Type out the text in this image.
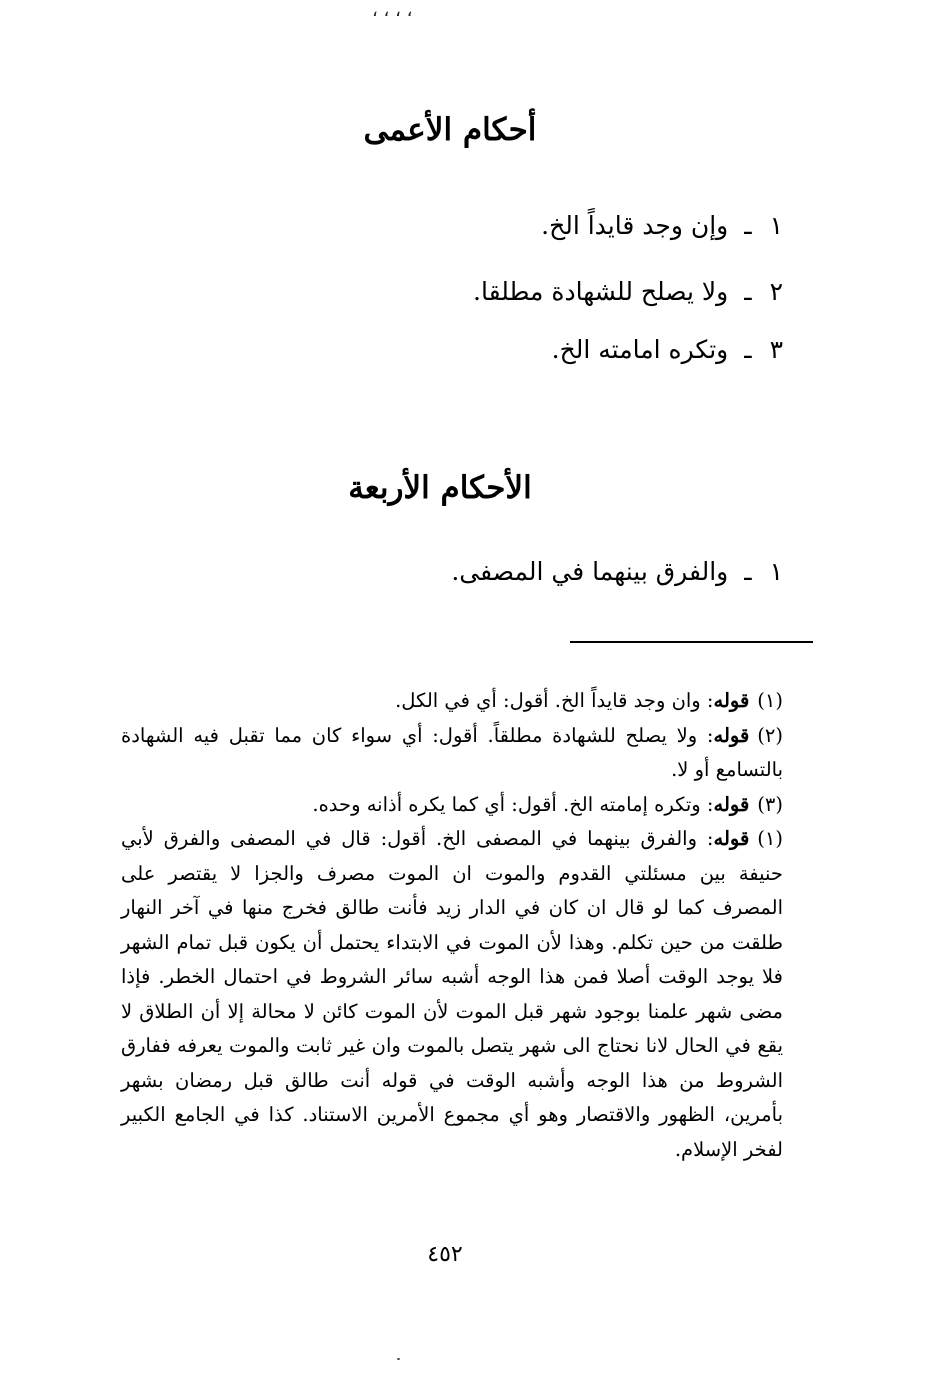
، ، ، ،
أحكام الأعمى
١ـوإن وجد قايداً الخ.
٢ـولا يصلح للشهادة مطلقا.
٣ـوتكره امامته الخ.
الأحكام الأربعة
١ـوالفرق بينهما في المصفى.

(١)قوله: وان وجد قايداً الخ. أقول: أي في الكل.

(٢)قوله: ولا يصلح للشهادة مطلقاً. أقول: أي سواء كان مما تقبل فيه الشهادة بالتسامع أو لا.

(٣)قوله: وتكره إمامته الخ. أقول: أي كما يكره أذانه وحده.

(١)قوله: والفرق بينهما في المصفى الخ. أقول: قال في المصفى والفرق لأبي حنيفة بين مسئلتي القدوم والموت ان الموت مصرف والجزا لا يقتصر على المصرف كما لو قال ان كان في الدار زيد فأنت طالق فخرج منها في آخر النهار طلقت من حين تكلم. وهذا لأن الموت في الابتداء يحتمل أن يكون قبل تمام الشهر فلا يوجد الوقت أصلا فمن هذا الوجه أشبه سائر الشروط في احتمال الخطر. فإذا مضى شهر علمنا بوجود شهر قبل الموت لأن الموت كائن لا محالة إلا أن الطلاق لا يقع في الحال لانا نحتاج الى شهر يتصل بالموت وان غير ثابت والموت يعرفه ففارق الشروط من هذا الوجه وأشبه الوقت في قوله أنت طالق قبل رمضان بشهر بأمرين، الظهور والاقتصار وهو أي مجموع الأمرين الاستناد. كذا في الجامع الكبير لفخر الإسلام.

٤٥٢
